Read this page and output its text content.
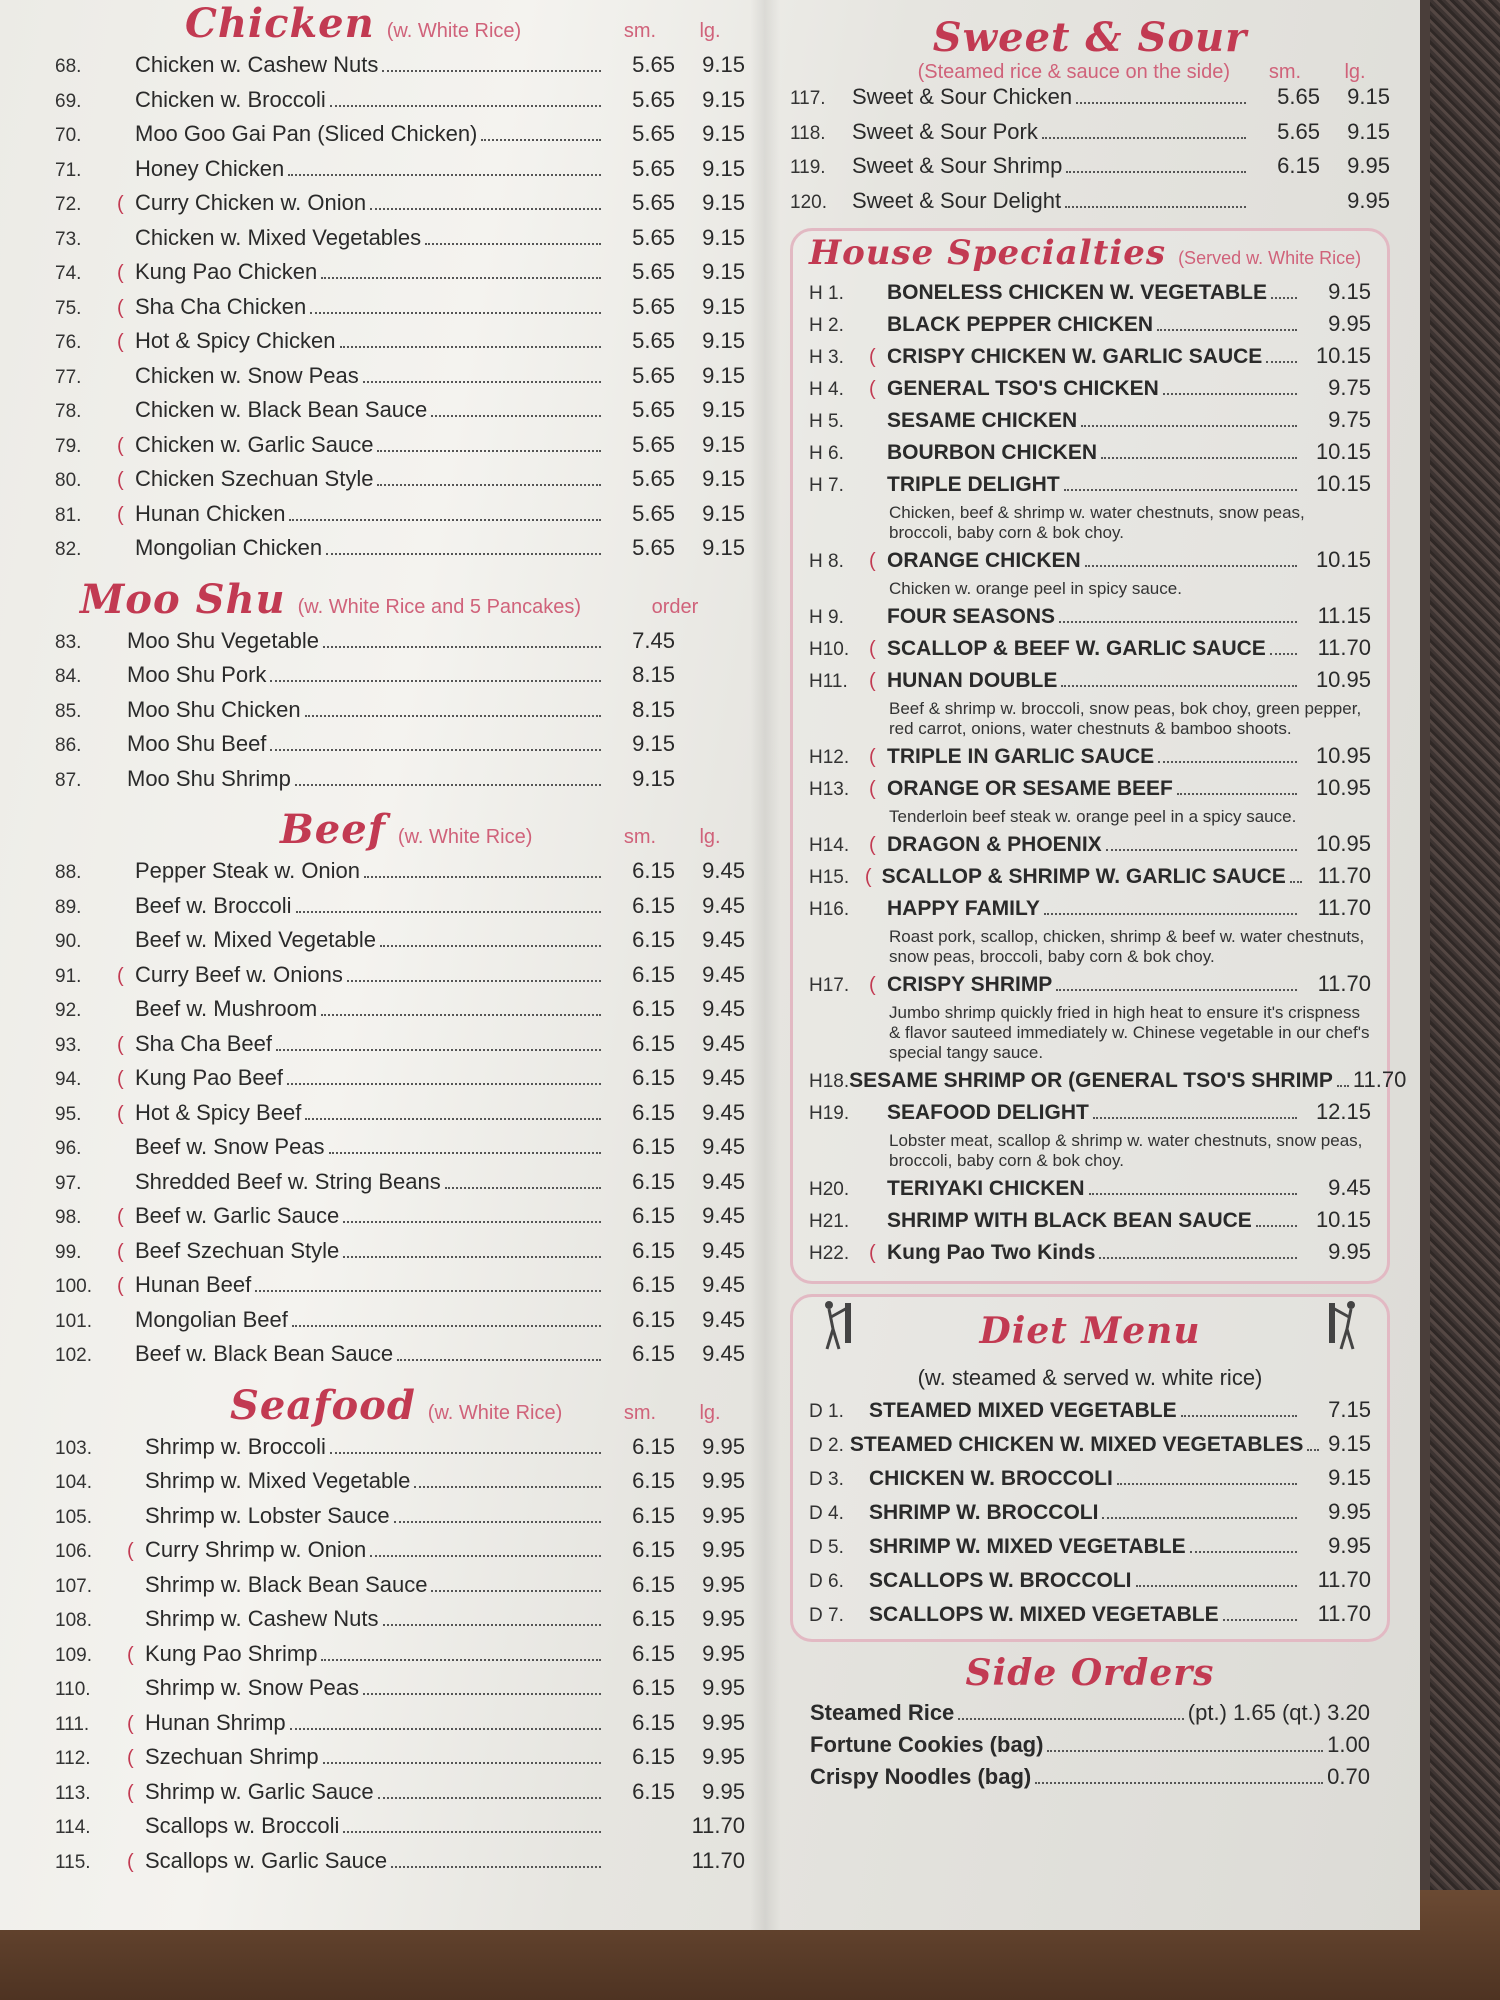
Chicken (w. White Rice)	sm.	lg.
68.	Chicken w. Cashew Nuts	5.65	9.15
69.	Chicken w. Broccoli	5.65	9.15
70.	Moo Goo Gai Pan (Sliced Chicken)	5.65	9.15
71.	Honey Chicken	5.65	9.15
72.	( Curry Chicken w. Onion	5.65	9.15
73.	Chicken w. Mixed Vegetables	5.65	9.15
74.	( Kung Pao Chicken	5.65	9.15
75.	( Sha Cha Chicken	5.65	9.15
76.	( Hot & Spicy Chicken	5.65	9.15
77.	Chicken w. Snow Peas	5.65	9.15
78.	Chicken w. Black Bean Sauce	5.65	9.15
79.	( Chicken w. Garlic Sauce	5.65	9.15
80.	( Chicken Szechuan Style	5.65	9.15
81.	( Hunan Chicken	5.65	9.15
82.	Mongolian Chicken	5.65	9.15
Moo Shu (w. White Rice and 5 Pancakes)	order
83.	Moo Shu Vegetable	7.45
84.	Moo Shu Pork	8.15
85.	Moo Shu Chicken	8.15
86.	Moo Shu Beef	9.15
87.	Moo Shu Shrimp	9.15
Beef (w. White Rice)	sm.	lg.
88.	Pepper Steak w. Onion	6.15	9.45
89.	Beef w. Broccoli	6.15	9.45
90.	Beef w. Mixed Vegetable	6.15	9.45
91.	( Curry Beef w. Onions	6.15	9.45
92.	Beef w. Mushroom	6.15	9.45
93.	( Sha Cha Beef	6.15	9.45
94.	( Kung Pao Beef	6.15	9.45
95.	( Hot & Spicy Beef	6.15	9.45
96.	Beef w. Snow Peas	6.15	9.45
97.	Shredded Beef w. String Beans	6.15	9.45
98.	( Beef w. Garlic Sauce	6.15	9.45
99.	( Beef Szechuan Style	6.15	9.45
100.	( Hunan Beef	6.15	9.45
101.	Mongolian Beef	6.15	9.45
102.	Beef w. Black Bean Sauce	6.15	9.45
Seafood (w. White Rice)	sm.	lg.
103.	Shrimp w. Broccoli	6.15	9.95
104.	Shrimp w. Mixed Vegetable	6.15	9.95
105.	Shrimp w. Lobster Sauce	6.15	9.95
106.	( Curry Shrimp w. Onion	6.15	9.95
107.	Shrimp w. Black Bean Sauce	6.15	9.95
108.	Shrimp w. Cashew Nuts	6.15	9.95
109.	( Kung Pao Shrimp	6.15	9.95
110.	Shrimp w. Snow Peas	6.15	9.95
111.	( Hunan Shrimp	6.15	9.95
112.	( Szechuan Shrimp	6.15	9.95
113.	( Shrimp w. Garlic Sauce	6.15	9.95
114.	Scallops w. Broccoli	11.70
115.	( Scallops w. Garlic Sauce	11.70
Sweet & Sour
(Steamed rice & sauce on the side)	sm.	lg.
117.	Sweet & Sour Chicken	5.65	9.15
118.	Sweet & Sour Pork	5.65	9.15
119.	Sweet & Sour Shrimp	6.15	9.95
120.	Sweet & Sour Delight	9.95
House Specialties (Served w. White Rice)
H 1.	BONELESS CHICKEN W. VEGETABLE	9.15
H 2.	BLACK PEPPER CHICKEN	9.95
H 3.	( CRISPY CHICKEN W. GARLIC SAUCE	10.15
H 4.	( GENERAL TSO'S CHICKEN	9.75
H 5.	SESAME CHICKEN	9.75
H 6.	BOURBON CHICKEN	10.15
H 7.	TRIPLE DELIGHT	10.15
Chicken, beef & shrimp w. water chestnuts, snow peas, broccoli, baby corn & bok choy.
H 8.	( ORANGE CHICKEN	10.15
Chicken w. orange peel in spicy sauce.
H 9.	FOUR SEASONS	11.15
H10. ( SCALLOP & BEEF W. GARLIC SAUCE	11.70
H11.	( HUNAN DOUBLE	10.95
Beef & shrimp w. broccoli, snow peas, bok choy, green pepper, red carrot, onions, water chestnuts & bamboo shoots.
H12. ( TRIPLE IN GARLIC SAUCE	10.95
H13. ( ORANGE OR SESAME BEEF	10.95
Tenderloin beef steak w. orange peel in a spicy sauce.
H14. ( DRAGON & PHOENIX	10.95
H15. ( SCALLOP & SHRIMP W. GARLIC SAUCE	11.70
H16.	HAPPY FAMILY	11.70
Roast pork, scallop, chicken, shrimp & beef w. water chestnuts, snow peas, broccoli, baby corn & bok choy.
H17. ( CRISPY SHRIMP	11.70
Jumbo shrimp quickly fried in high heat to ensure it's crispness & flavor sauteed immediately w. Chinese vegetable in our chef's special tangy sauce.
H18. SESAME SHRIMP OR (GENERAL TSO'S SHRIMP 11.70
H19.	SEAFOOD DELIGHT	12.15
Lobster meat, scallop & shrimp w. water chestnuts, snow peas, broccoli, baby corn & bok choy.
H20.	TERIYAKI CHICKEN	9.45
H21.	SHRIMP WITH BLACK BEAN SAUCE	10.15
H22. ( Kung Pao Two Kinds	9.95
Diet Menu
(w. steamed & served w. white rice)
D 1.	STEAMED MIXED VEGETABLE	7.15
D 2. STEAMED CHICKEN W. MIXED VEGETABLES 9.15
D 3.	CHICKEN W. BROCCOLI	9.15
D 4.	SHRIMP W. BROCCOLI	9.95
D 5.	SHRIMP W. MIXED VEGETABLE	9.95
D 6.	SCALLOPS W. BROCCOLI	11.70
D 7.	SCALLOPS W. MIXED VEGETABLE	11.70
Side Orders
Steamed Rice	(pt.) 1.65 (qt.) 3.20
Fortune Cookies (bag)	1.00
Crispy Noodles (bag)	0.70
